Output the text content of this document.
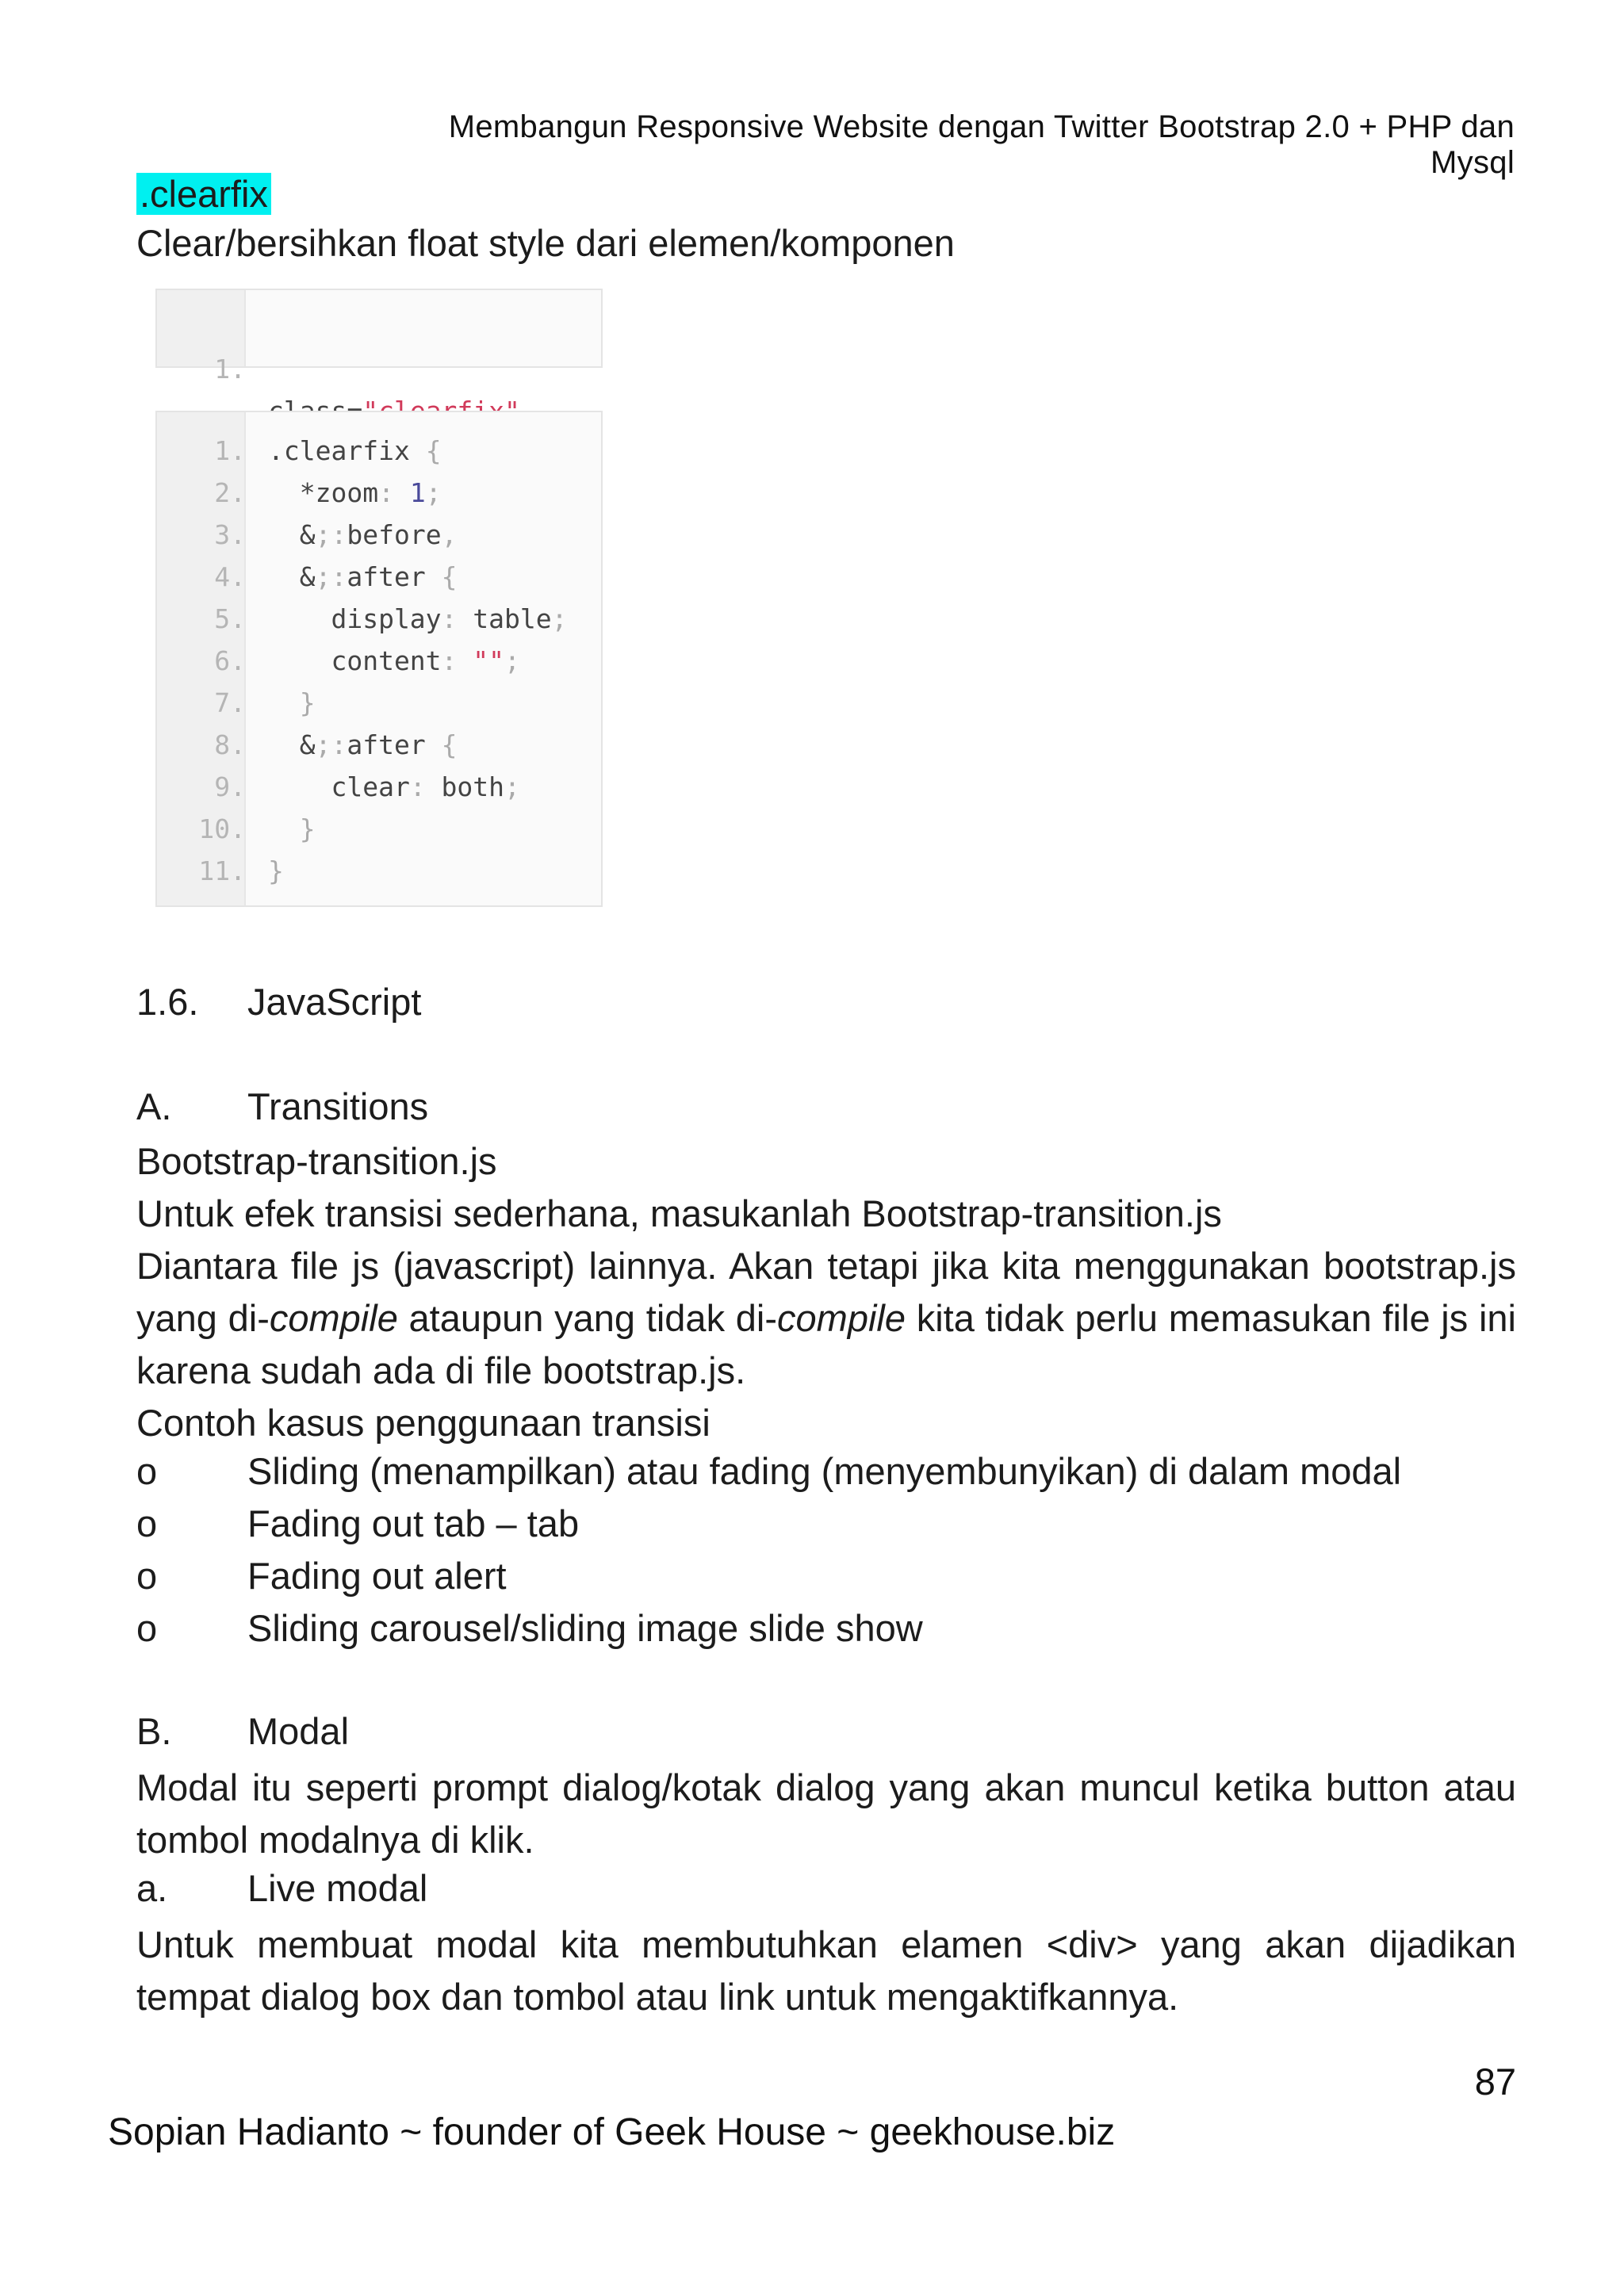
Membangun Responsive Website dengan Twitter Bootstrap 2.0 + PHP dan Mysql
.clearfix
Clear/bersihkan float style dari elemen/komponen

1.

1. .clearfix {
2. *zoom: 1;
3. &;:before,
4. &;:after {
5. display: table;
6. content: "";
7.	}
8. &;:after {
9. clear: both;
10.	}
11. }
1.6. JavaScript
A. Transitions
Bootstrap-transition.js
Untuk efek transisi sederhana, masukanlah Bootstrap-transition.js
Diantara file js (javascript) lainnya. Akan tetapi jika kita menggunakan bootstrap.js yang di-compile ataupun yang tidak di-compile kita tidak perlu memasukan file js ini karena sudah ada di file bootstrap.js.
Contoh kasus penggunaan transisi
o Sliding (menampilkan) atau fading (menyembunyikan) di dalam modal
o Fading out tab – tab
o Fading out alert
o Sliding carousel/sliding image slide show
B. Modal
Modal itu seperti prompt dialog/kotak dialog yang akan muncul ketika button atau tombol modalnya di klik.
a. Live modal
Untuk membuat modal kita membutuhkan elamen <div> yang akan dijadikan tempat dialog box dan tombol atau link untuk mengaktifkannya.
87
Sopian Hadianto ~ founder of Geek House ~ geekhouse.biz
